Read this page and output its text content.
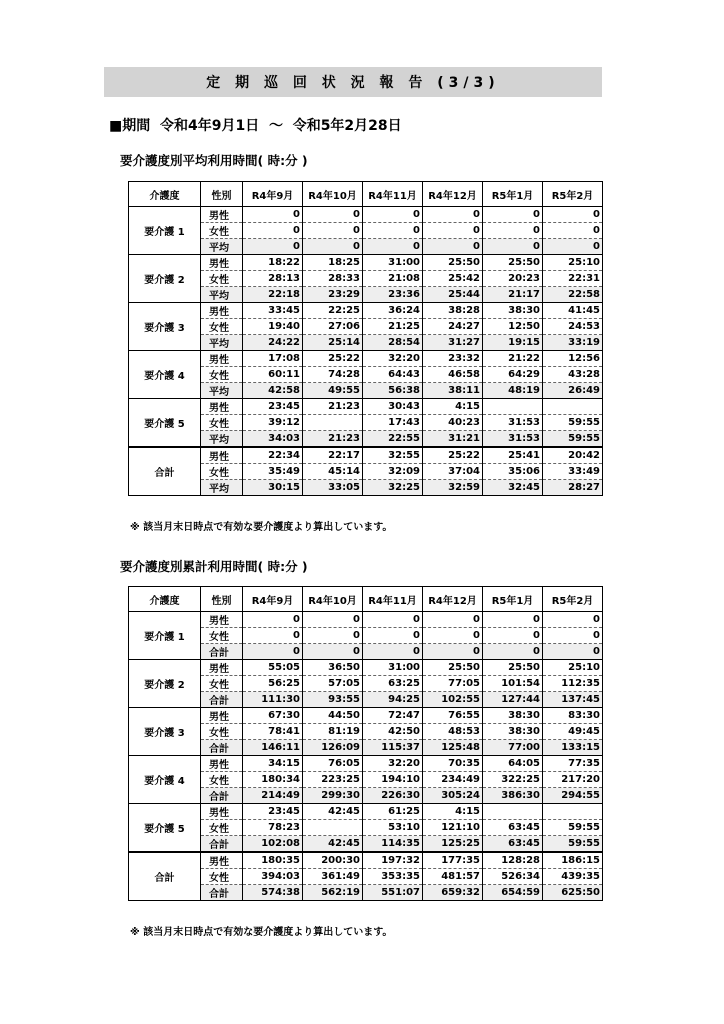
定 期 巡 回 状 況 報 告 (3/3)
■期間  令和4年9月1日  ～  令和5年2月28日
要介護度別平均利用時間( 時:分 )
介護度	性別	R4年9月	R4年10月	R4年11月	R4年12月	R5年1月	R5年2月
要介護 1	男性	0	0	0	0	0	0
	女性	0	0	0	0	0	0
	平均	0	0	0	0	0	0
要介護 2	男性	18:22	18:25	31:00	25:50	25:50	25:10
	女性	28:13	28:33	21:08	25:42	20:23	22:31
	平均	22:18	23:29	23:36	25:44	21:17	22:58
要介護 3	男性	33:45	22:25	36:24	38:28	38:30	41:45
	女性	19:40	27:06	21:25	24:27	12:50	24:53
	平均	24:22	25:14	28:54	31:27	19:15	33:19
要介護 4	男性	17:08	25:22	32:20	23:32	21:22	12:56
	女性	60:11	74:28	64:43	46:58	64:29	43:28
	平均	42:58	49:55	56:38	38:11	48:19	26:49
要介護 5	男性	23:45	21:23	30:43	4:15		
	女性	39:12		17:43	40:23	31:53	59:55
	平均	34:03	21:23	22:55	31:21	31:53	59:55
合計	男性	22:34	22:17	32:55	25:22	25:41	20:42
	女性	35:49	45:14	32:09	37:04	35:06	33:49
	平均	30:15	33:05	32:25	32:59	32:45	28:27
※ 該当月末日時点で有効な要介護度より算出しています。
要介護度別累計利用時間( 時:分 )
介護度	性別	R4年9月	R4年10月	R4年11月	R4年12月	R5年1月	R5年2月
要介護 1	男性	0	0	0	0	0	0
	女性	0	0	0	0	0	0
	合計	0	0	0	0	0	0
要介護 2	男性	55:05	36:50	31:00	25:50	25:50	25:10
	女性	56:25	57:05	63:25	77:05	101:54	112:35
	合計	111:30	93:55	94:25	102:55	127:44	137:45
要介護 3	男性	67:30	44:50	72:47	76:55	38:30	83:30
	女性	78:41	81:19	42:50	48:53	38:30	49:45
	合計	146:11	126:09	115:37	125:48	77:00	133:15
要介護 4	男性	34:15	76:05	32:20	70:35	64:05	77:35
	女性	180:34	223:25	194:10	234:49	322:25	217:20
	合計	214:49	299:30	226:30	305:24	386:30	294:55
要介護 5	男性	23:45	42:45	61:25	4:15		
	女性	78:23		53:10	121:10	63:45	59:55
	合計	102:08	42:45	114:35	125:25	63:45	59:55
合計	男性	180:35	200:30	197:32	177:35	128:28	186:15
	女性	394:03	361:49	353:35	481:57	526:34	439:35
	合計	574:38	562:19	551:07	659:32	654:59	625:50
※ 該当月末日時点で有効な要介護度より算出しています。
